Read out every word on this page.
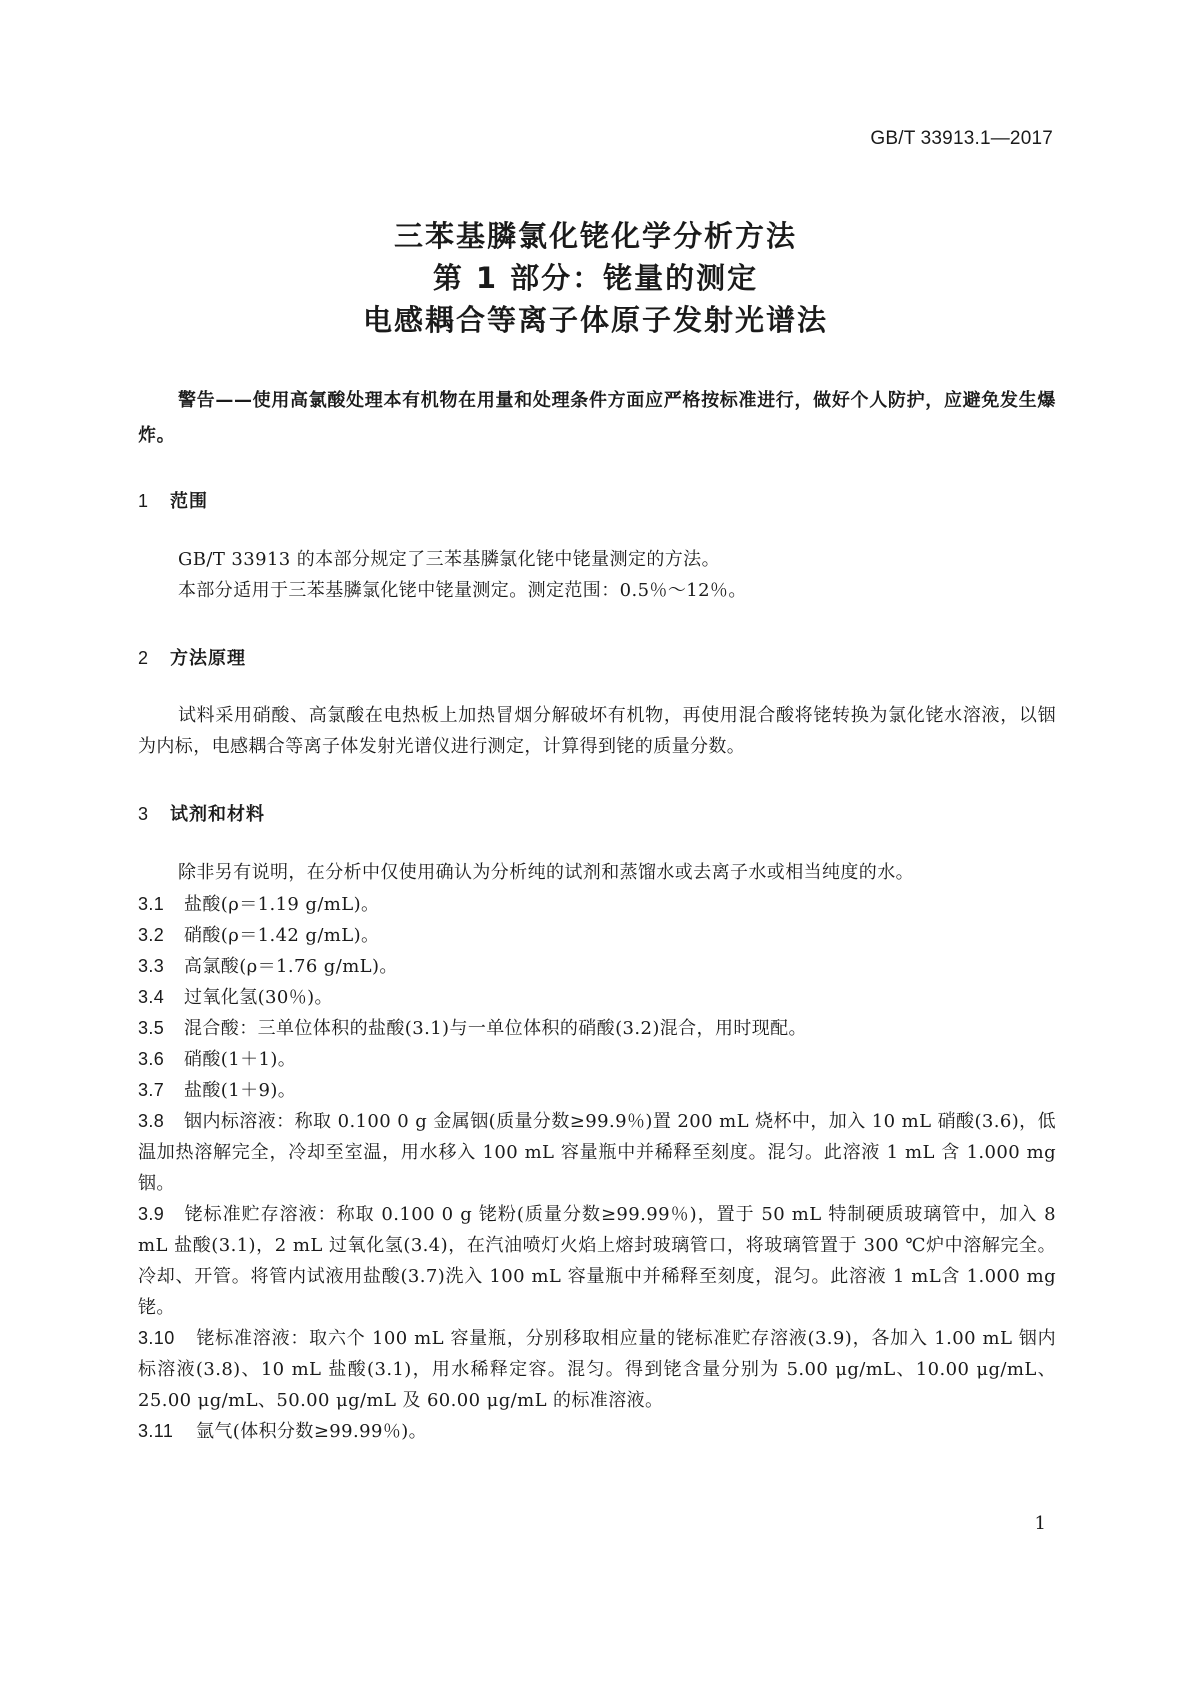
GB/T 33913.1—2017
三苯基膦氯化铑化学分析方法
第 1 部分：铑量的测定
电感耦合等离子体原子发射光谱法
警告——使用高氯酸处理本有机物在用量和处理条件方面应严格按标准进行，做好个人防护，应避免发生爆炸。
1 范围
GB/T 33913 的本部分规定了三苯基膦氯化铑中铑量测定的方法。
本部分适用于三苯基膦氯化铑中铑量测定。测定范围：0.5％～12％。
2 方法原理
试料采用硝酸、高氯酸在电热板上加热冒烟分解破坏有机物，再使用混合酸将铑转换为氯化铑水溶液，以铟为内标，电感耦合等离子体发射光谱仪进行测定，计算得到铑的质量分数。
3 试剂和材料
除非另有说明，在分析中仅使用确认为分析纯的试剂和蒸馏水或去离子水或相当纯度的水。
3.1 盐酸(ρ＝1.19 g/mL)。
3.2 硝酸(ρ＝1.42 g/mL)。
3.3 高氯酸(ρ＝1.76 g/mL)。
3.4 过氧化氢(30％)。
3.5 混合酸：三单位体积的盐酸(3.1)与一单位体积的硝酸(3.2)混合，用时现配。
3.6 硝酸(1＋1)。
3.7 盐酸(1＋9)。
3.8 铟内标溶液：称取 0.100 0 g 金属铟(质量分数≥99.9％)置 200 mL 烧杯中，加入 10 mL 硝酸(3.6)，低温加热溶解完全，冷却至室温，用水移入 100 mL 容量瓶中并稀释至刻度。混匀。此溶液 1 mL 含 1.000 mg 铟。
3.9 铑标准贮存溶液：称取 0.100 0 g 铑粉(质量分数≥99.99％)，置于 50 mL 特制硬质玻璃管中，加入 8 mL 盐酸(3.1)，2 mL 过氧化氢(3.4)，在汽油喷灯火焰上熔封玻璃管口，将玻璃管置于 300 ℃炉中溶解完全。冷却、开管。将管内试液用盐酸(3.7)洗入 100 mL 容量瓶中并稀释至刻度，混匀。此溶液 1 mL含 1.000 mg 铑。
3.10 铑标准溶液：取六个 100 mL 容量瓶，分别移取相应量的铑标准贮存溶液(3.9)，各加入 1.00 mL 铟内标溶液(3.8)、10 mL 盐酸(3.1)，用水稀释定容。混匀。得到铑含量分别为 5.00 μg/mL、10.00 μg/mL、25.00 μg/mL、50.00 μg/mL 及 60.00 μg/mL 的标准溶液。
3.11 氩气(体积分数≥99.99％)。
1
